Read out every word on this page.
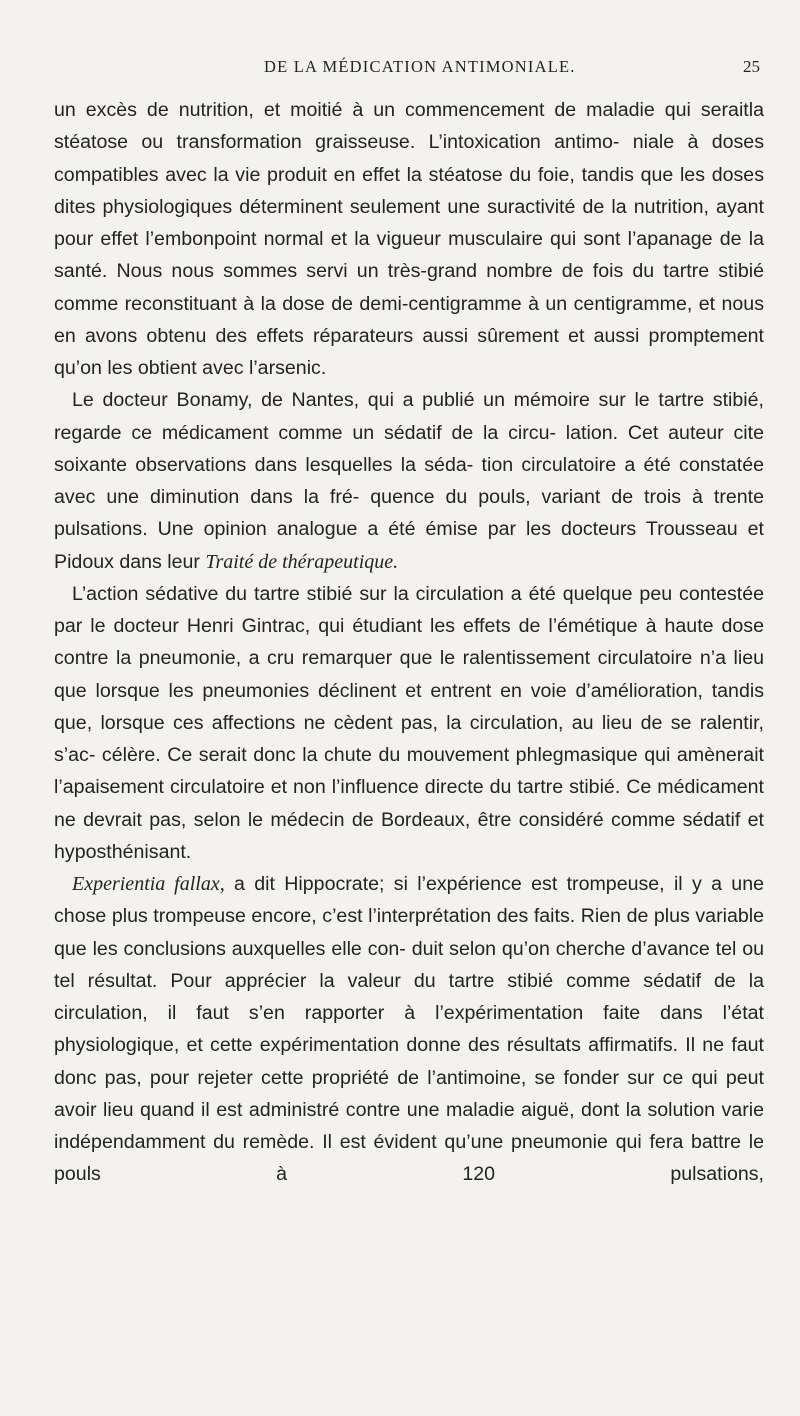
DE LA MÉDICATION ANTIMONIALE.	25

un excès de nutrition, et moitié à un commencement de maladie qui seraitla stéatose ou transformation graisseuse. L’intoxication antimo- niale à doses compatibles avec la vie produit en effet la stéatose du foie, tandis que les doses dites physiologiques déterminent seulement une suractivité de la nutrition, ayant pour effet l’embonpoint normal et la vigueur musculaire qui sont l’apanage de la santé. Nous nous sommes servi un très-grand nombre de fois du tartre stibié comme reconstituant à la dose de demi-centigramme à un centigramme, et nous en avons obtenu des effets réparateurs aussi sûrement et aussi promptement qu’on les obtient avec l’arsenic.

Le docteur Bonamy, de Nantes, qui a publié un mémoire sur le tartre stibié, regarde ce médicament comme un sédatif de la circu- lation. Cet auteur cite soixante observations dans lesquelles la séda- tion circulatoire a été constatée avec une diminution dans la fré- quence du pouls, variant de trois à trente pulsations. Une opinion analogue a été émise par les docteurs Trousseau et Pidoux dans leur Traité de thérapeutique.

L’action sédative du tartre stibié sur la circulation a été quelque peu contestée par le docteur Henri Gintrac, qui étudiant les effets de l’émétique à haute dose contre la pneumonie, a cru remarquer que le ralentissement circulatoire n’a lieu que lorsque les pneumonies déclinent et entrent en voie d’amélioration, tandis que, lorsque ces affections ne cèdent pas, la circulation, au lieu de se ralentir, s’ac- célère. Ce serait donc la chute du mouvement phlegmasique qui amènerait l’apaisement circulatoire et non l’influence directe du tartre stibié. Ce médicament ne devrait pas, selon le médecin de Bordeaux, être considéré comme sédatif et hyposthénisant.

Experientia fallax, a dit Hippocrate; si l’expérience est trompeuse, il y a une chose plus trompeuse encore, c’est l’interprétation des faits. Rien de plus variable que les conclusions auxquelles elle con- duit selon qu’on cherche d’avance tel ou tel résultat. Pour apprécier la valeur du tartre stibié comme sédatif de la circulation, il faut s’en rapporter à l’expérimentation faite dans l’état physiologique, et cette expérimentation donne des résultats affirmatifs. Il ne faut donc pas, pour rejeter cette propriété de l’antimoine, se fonder sur ce qui peut avoir lieu quand il est administré contre une maladie aiguë, dont la solution varie indépendamment du remède. Il est évident qu’une pneumonie qui fera battre le pouls à 120 pulsations,
